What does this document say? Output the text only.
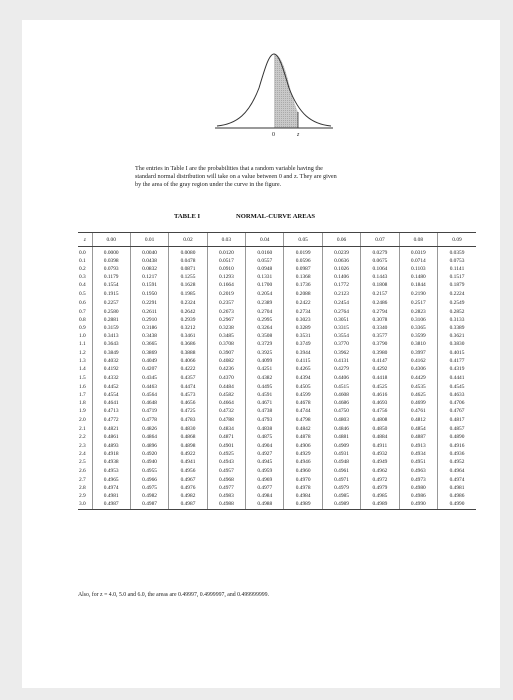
0	z
The entries in Table I are the probabilities that a random variable having the
standard normal distribution will take on a value between 0 and z. They are given
by the area of the gray region under the curve in the figure.
TABLE I	NORMAL-CURVE AREAS
z	0.00	0.01	0.02	0.03	0.04	0.05	0.06	0.07	0.08	0.09
0.0	0.0000	0.0040	0.0080	0.0120	0.0160	0.0199	0.0239	0.0279	0.0319	0.0359
0.1	0.0398	0.0438	0.0478	0.0517	0.0557	0.0596	0.0636	0.0675	0.0714	0.0753
0.2	0.0793	0.0832	0.0871	0.0910	0.0948	0.0987	0.1026	0.1064	0.1103	0.1141
0.3	0.1179	0.1217	0.1255	0.1293	0.1331	0.1368	0.1406	0.1443	0.1480	0.1517
0.4	0.1554	0.1591	0.1628	0.1664	0.1700	0.1736	0.1772	0.1808	0.1844	0.1879
0.5	0.1915	0.1950	0.1985	0.2019	0.2054	0.2088	0.2123	0.2157	0.2190	0.2224
0.6	0.2257	0.2291	0.2324	0.2357	0.2389	0.2422	0.2454	0.2486	0.2517	0.2549
0.7	0.2580	0.2611	0.2642	0.2673	0.2704	0.2734	0.2764	0.2794	0.2823	0.2852
0.8	0.2881	0.2910	0.2939	0.2967	0.2995	0.3023	0.3051	0.3078	0.3106	0.3133
0.9	0.3159	0.3186	0.3212	0.3238	0.3264	0.3289	0.3315	0.3340	0.3365	0.3389
1.0	0.3413	0.3438	0.3461	0.3485	0.3508	0.3531	0.3554	0.3577	0.3599	0.3621
1.1	0.3643	0.3665	0.3686	0.3708	0.3729	0.3749	0.3770	0.3790	0.3810	0.3830
1.2	0.3849	0.3869	0.3888	0.3907	0.3925	0.3944	0.3962	0.3980	0.3997	0.4015
1.3	0.4032	0.4049	0.4066	0.4082	0.4099	0.4115	0.4131	0.4147	0.4162	0.4177
1.4	0.4192	0.4207	0.4222	0.4236	0.4251	0.4265	0.4279	0.4292	0.4306	0.4319
1.5	0.4332	0.4345	0.4357	0.4370	0.4382	0.4394	0.4406	0.4418	0.4429	0.4441
1.6	0.4452	0.4463	0.4474	0.4484	0.4495	0.4505	0.4515	0.4525	0.4535	0.4545
1.7	0.4554	0.4564	0.4573	0.4582	0.4591	0.4599	0.4608	0.4616	0.4625	0.4633
1.8	0.4641	0.4648	0.4656	0.4664	0.4671	0.4678	0.4686	0.4693	0.4699	0.4706
1.9	0.4713	0.4719	0.4725	0.4732	0.4738	0.4744	0.4750	0.4756	0.4761	0.4767
2.0	0.4772	0.4778	0.4783	0.4788	0.4793	0.4798	0.4803	0.4808	0.4812	0.4817
2.1	0.4821	0.4826	0.4830	0.4834	0.4838	0.4842	0.4846	0.4850	0.4854	0.4857
2.2	0.4861	0.4864	0.4868	0.4871	0.4875	0.4878	0.4881	0.4884	0.4887	0.4890
2.3	0.4893	0.4896	0.4898	0.4901	0.4904	0.4906	0.4909	0.4911	0.4913	0.4916
2.4	0.4918	0.4920	0.4922	0.4925	0.4927	0.4929	0.4931	0.4932	0.4934	0.4936
2.5	0.4938	0.4940	0.4941	0.4943	0.4945	0.4946	0.4948	0.4949	0.4951	0.4952
2.6	0.4953	0.4955	0.4956	0.4957	0.4959	0.4960	0.4961	0.4962	0.4963	0.4964
2.7	0.4965	0.4966	0.4967	0.4968	0.4969	0.4970	0.4971	0.4972	0.4973	0.4974
2.8	0.4974	0.4975	0.4976	0.4977	0.4977	0.4978	0.4979	0.4979	0.4980	0.4981
2.9	0.4981	0.4982	0.4982	0.4983	0.4984	0.4984	0.4985	0.4985	0.4986	0.4986
3.0	0.4987	0.4987	0.4987	0.4988	0.4988	0.4989	0.4989	0.4989	0.4990	0.4990
Also, for z = 4.0, 5.0 and 6.0, the areas are 0.49997, 0.4999997, and 0.499999999.
